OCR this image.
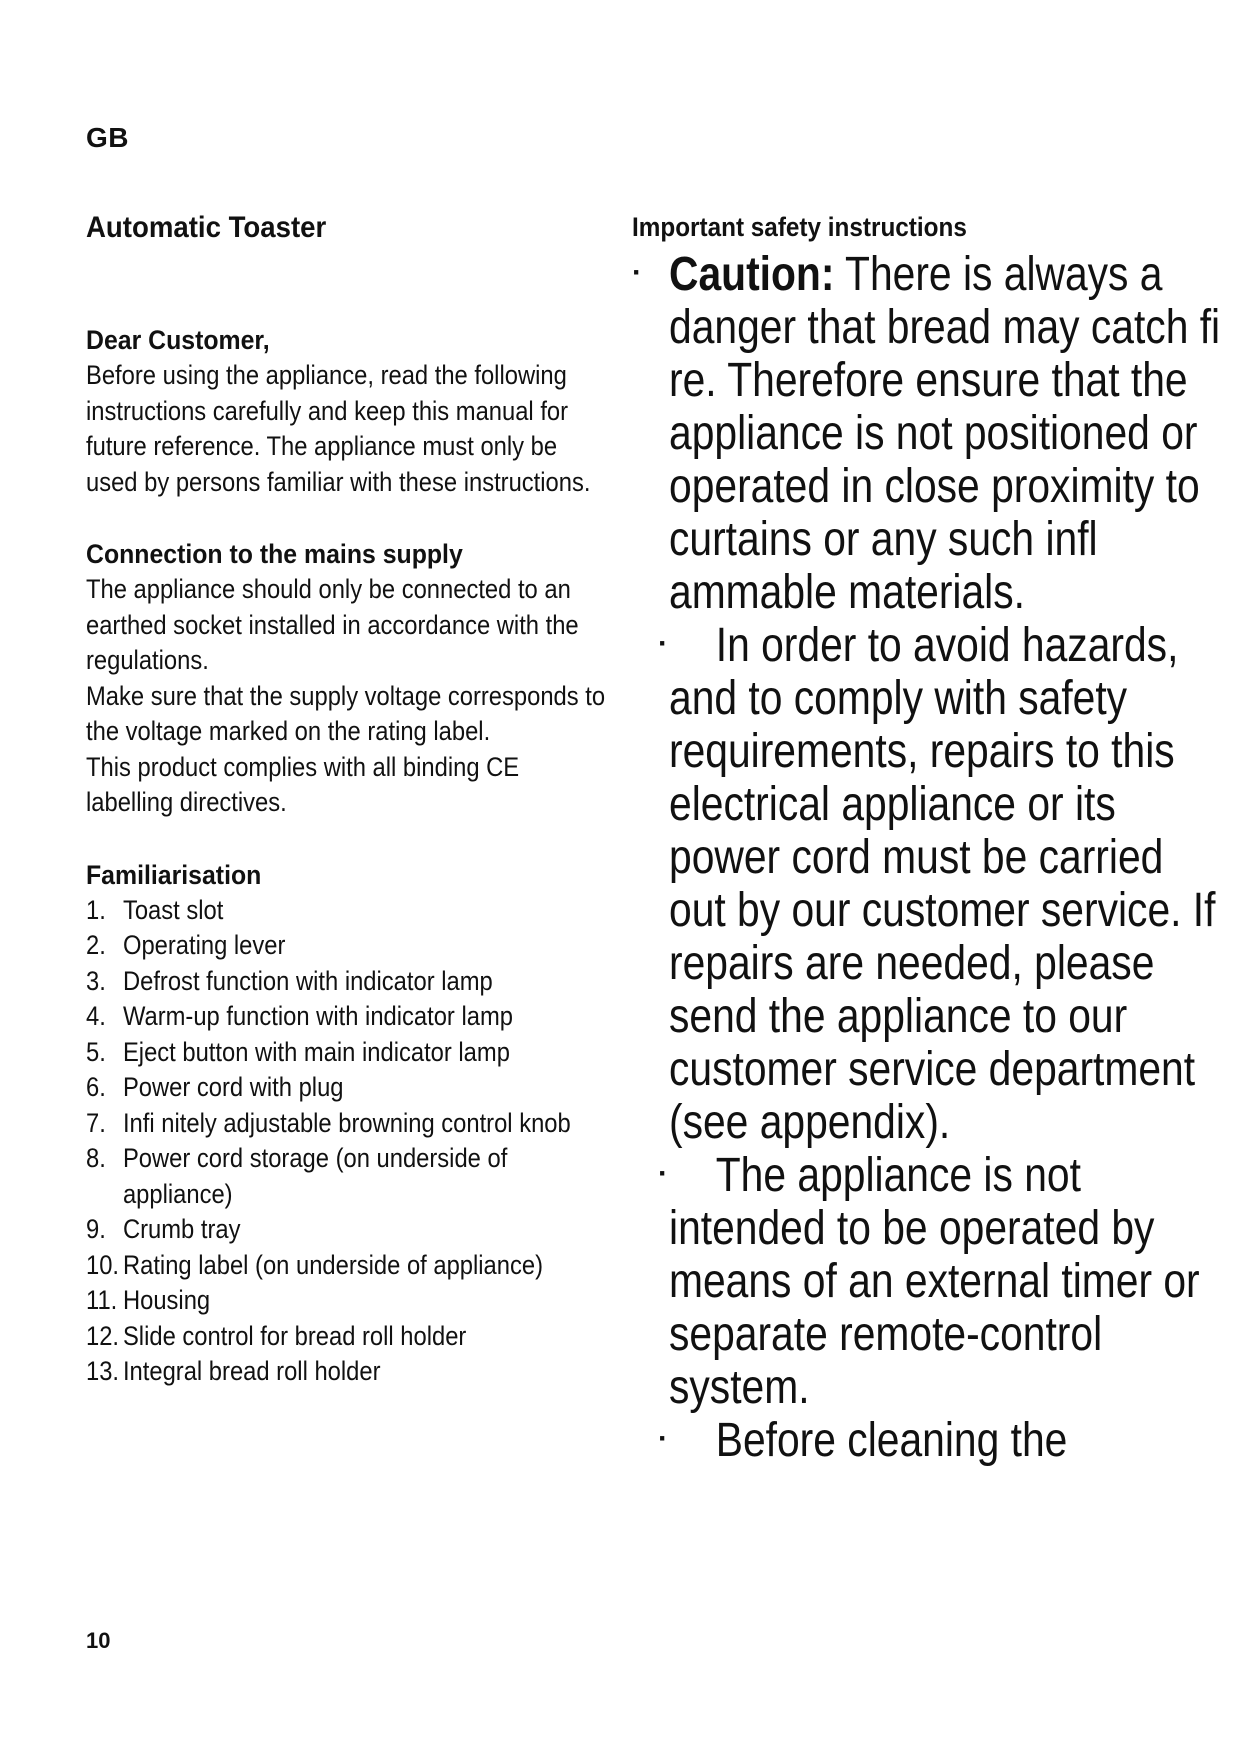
GB
Automatic Toaster
Dear Customer,

Before using the appliance, read the following instructions carefully and keep this manual for future reference. The appliance must only be used by persons familiar with these instructions.

Connection to the mains supply

The appliance should only be connected to an earthed socket installed in accordance with the regulations.

Make sure that the supply voltage corresponds to the voltage marked on the rating label.

This product complies with all binding CE labelling directives.

Familiarisation
1. Toast slot
2. Operating lever
3. Defrost function with indicator lamp
4. Warm-up function with indicator lamp
5. Eject button with main indicator lamp
6. Power cord with plug
7. Infi nitely adjustable browning control knob
8. Power cord storage (on underside of appliance)
9. Crumb tray
10. Rating label (on underside of appliance)
11. Housing
12. Slide control for bread roll holder
13. Integral bread roll holder
Important safety instructions
· Caution: There is always a danger that bread may catch fi re. Therefore ensure that the appliance is not positioned or operated in close proximity to curtains or any such infl ammable materials.

· In order to avoid hazards, and to comply with safety requirements, repairs to this electrical appliance or its power cord must be carried out by our customer service. If repairs are needed, please send the appliance to our customer service department (see appendix).

· The appliance is not intended to be operated by means of an external timer or separate remote-control system.

· Before cleaning the

10
